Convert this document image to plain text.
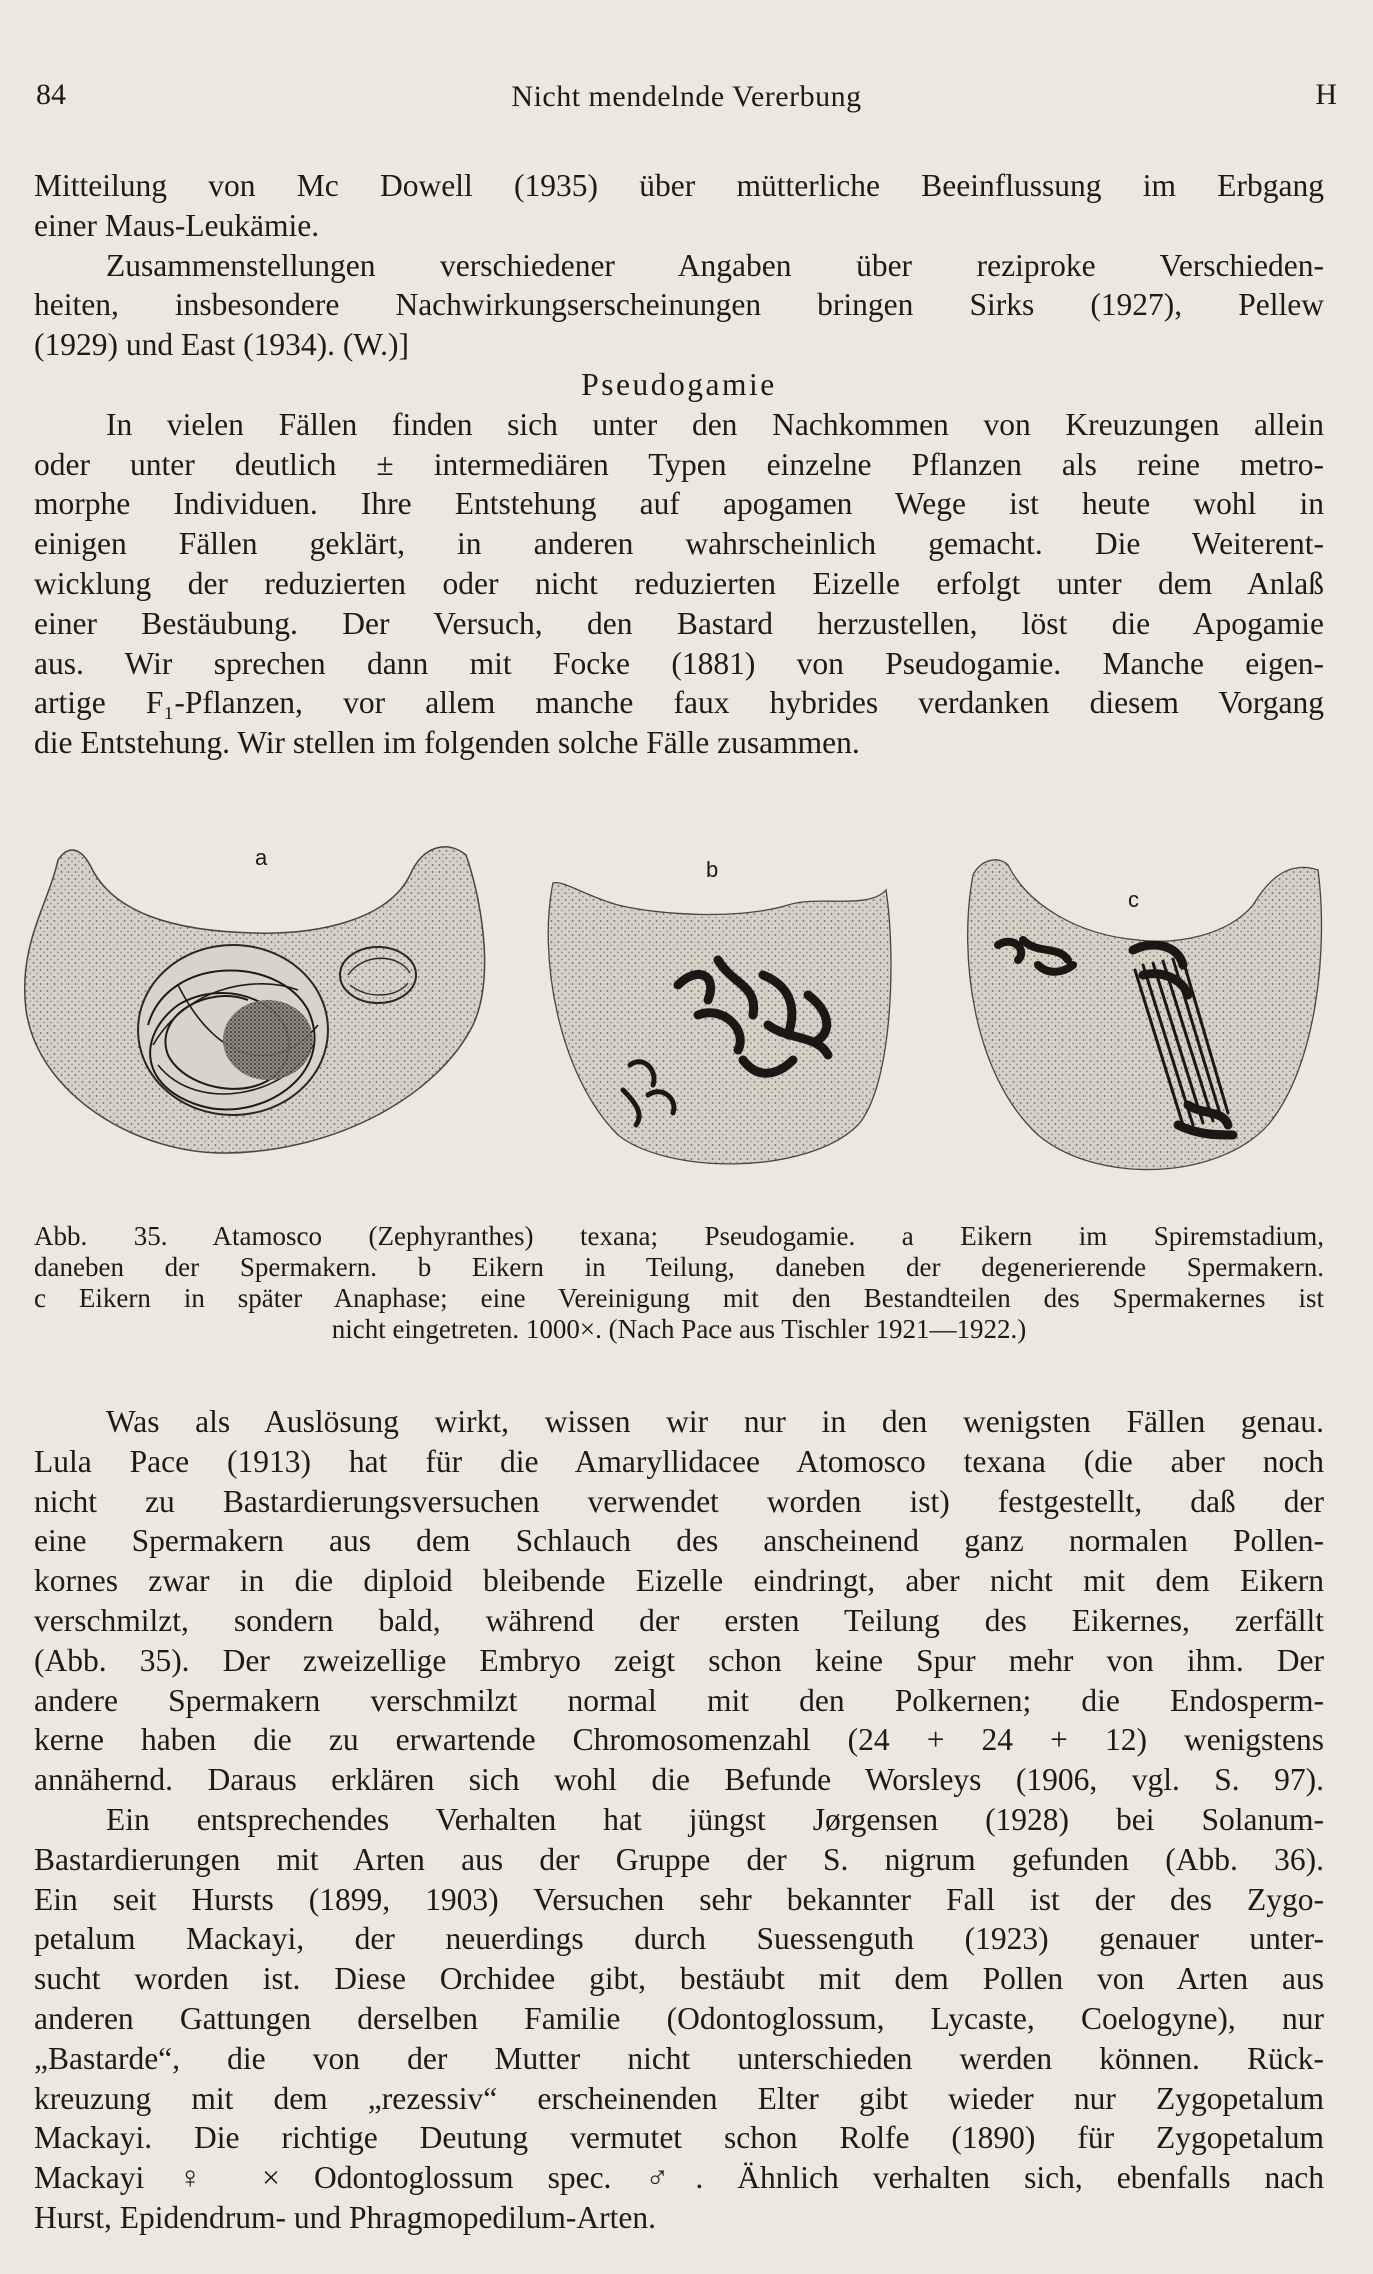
84	Nicht mendelnde Vererbung	H
Mitteilung von Mc Dowell (1935) über mütterliche Beeinflussung im Erbgang
einer Maus-Leukämie.
Zusammenstellungen verschiedener Angaben über reziproke Verschieden-
heiten, insbesondere Nachwirkungserscheinungen bringen Sirks (1927), Pellew
(1929) und East (1934). (W.)]
Pseudogamie
In vielen Fällen finden sich unter den Nachkommen von Kreuzungen allein
oder unter deutlich ± intermediären Typen einzelne Pflanzen als reine metro-
morphe Individuen. Ihre Entstehung auf apogamen Wege ist heute wohl in
einigen Fällen geklärt, in anderen wahrscheinlich gemacht. Die Weiterent-
wicklung der reduzierten oder nicht reduzierten Eizelle erfolgt unter dem Anlaß
einer Bestäubung. Der Versuch, den Bastard herzustellen, löst die Apogamie
aus. Wir sprechen dann mit Focke (1881) von Pseudogamie. Manche eigen-
artige F₁-Pflanzen, vor allem manche faux hybrides verdanken diesem Vorgang
die Entstehung. Wir stellen im folgenden solche Fälle zusammen.
a	b
c
Abb. 35. Atamosco (Zephyranthes) texana; Pseudogamie. a Eikern im Spiremstadium,
daneben der Spermakern. b Eikern in Teilung, daneben der degenerierende Spermakern.
c Eikern in später Anaphase; eine Vereinigung mit den Bestandteilen des Spermakernes ist
nicht eingetreten. 1000×. (Nach Pace aus Tischler 1921—1922.)
Was als Auslösung wirkt, wissen wir nur in den wenigsten Fällen genau.
Lula Pace (1913) hat für die Amaryllidacee Atomosco texana (die aber noch
nicht zu Bastardierungsversuchen verwendet worden ist) festgestellt, daß der
eine Spermakern aus dem Schlauch des anscheinend ganz normalen Pollen-
kornes zwar in die diploid bleibende Eizelle eindringt, aber nicht mit dem Eikern
verschmilzt, sondern bald, während der ersten Teilung des Eikernes, zerfällt
(Abb. 35). Der zweizellige Embryo zeigt schon keine Spur mehr von ihm. Der
andere Spermakern verschmilzt normal mit den Polkernen; die Endosperm-
kerne haben die zu erwartende Chromosomenzahl (24 + 24 + 12) wenigstens
annähernd. Daraus erklären sich wohl die Befunde Worsleys (1906, vgl. S. 97).
Ein entsprechendes Verhalten hat jüngst Jørgensen (1928) bei Solanum-
Bastardierungen mit Arten aus der Gruppe der S. nigrum gefunden (Abb. 36).
Ein seit Hursts (1899, 1903) Versuchen sehr bekannter Fall ist der des Zygo-
petalum Mackayi, der neuerdings durch Suessenguth (1923) genauer unter-
sucht worden ist. Diese Orchidee gibt, bestäubt mit dem Pollen von Arten aus
anderen Gattungen derselben Familie (Odontoglossum, Lycaste, Coelogyne), nur
„Bastarde“, die von der Mutter nicht unterschieden werden können. Rück-
kreuzung mit dem „rezessiv“ erscheinenden Elter gibt wieder nur Zygopetalum
Mackayi. Die richtige Deutung vermutet schon Rolfe (1890) für Zygopetalum
Mackayi ♀ × Odontoglossum spec. ♂. Ähnlich verhalten sich, ebenfalls nach
Hurst, Epidendrum- und Phragmopedilum-Arten.
